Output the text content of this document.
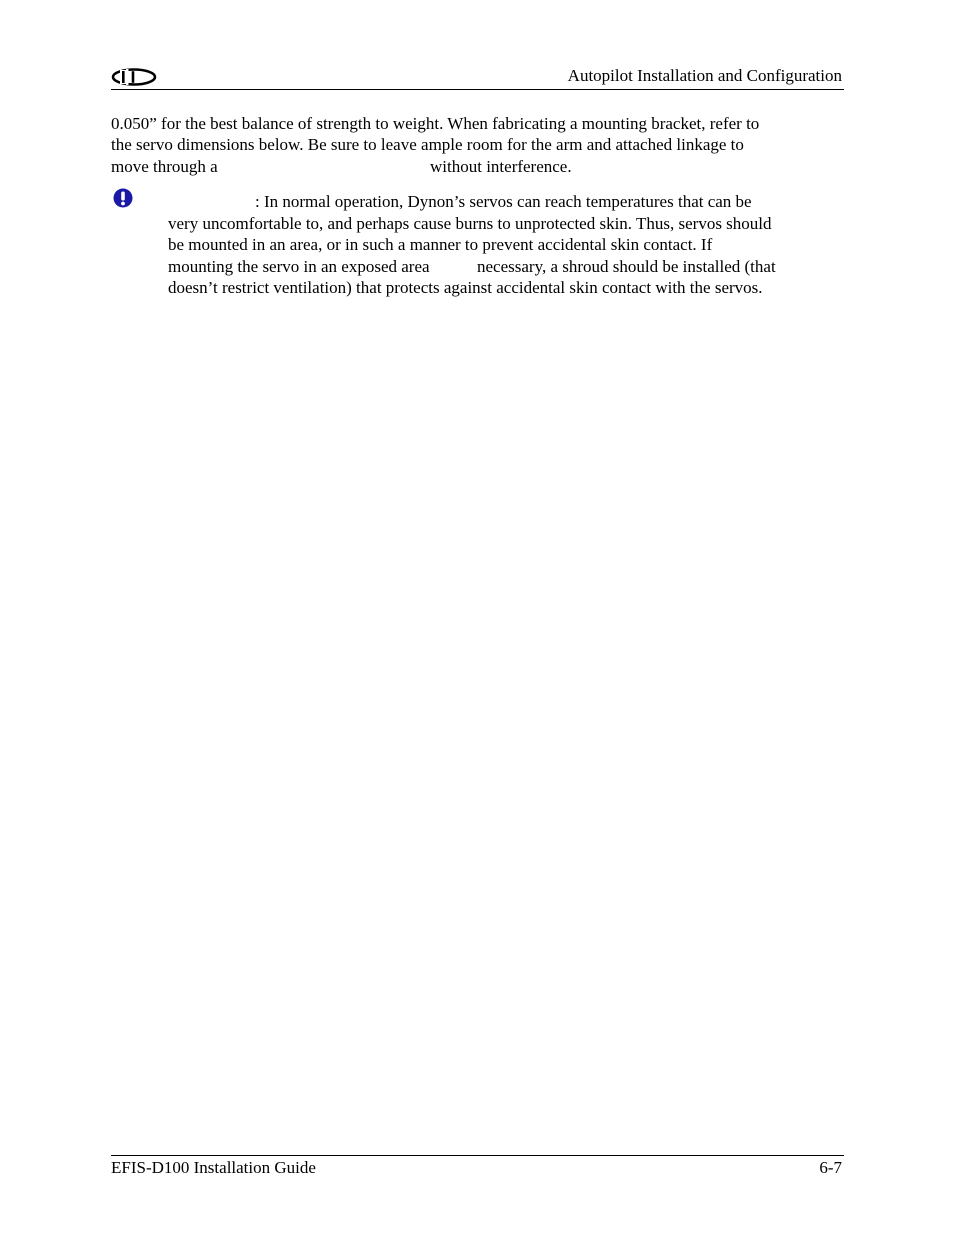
Autopilot Installation and Configuration
0.050” for the best balance of strength to weight. When fabricating a mounting bracket, refer to
the servo dimensions below. Be sure to leave ample room for the arm and attached linkage to
move through a	without interference.
: In normal operation, Dynon’s servos can reach temperatures that can be
very uncomfortable to, and perhaps cause burns to unprotected skin. Thus, servos should
be mounted in an area, or in such a manner to prevent accidental skin contact. If
mounting the servo in an exposed area	necessary, a shroud should be installed (that
doesn’t restrict ventilation) that protects against accidental skin contact with the servos.
EFIS-D100 Installation Guide	6-7
